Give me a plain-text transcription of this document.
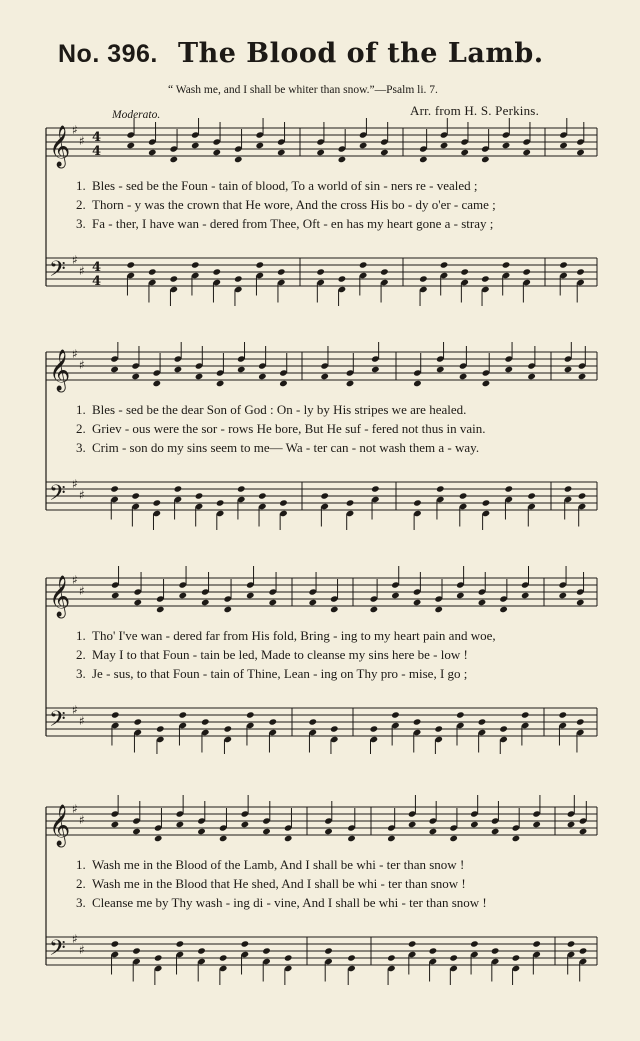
No. 396. The Blood of the Lamb.
“ Wash me, and I shall be whiter than snow.”—Psalm li. 7.
Arr. from H. S. Perkins.
Moderato.
𝄞 ♯
♯ 4
4
𝄢 ♯
♯ 4
4
1. Bles - sed be the Foun - tain of blood, To a world of sin - ners re - vealed ;
2. Thorn - y was the crown that He wore, And the cross His bo - dy o'er - came ;
3. Fa - ther, I have wan - dered from Thee, Oft - en has my heart gone a - stray ;
𝄞 ♯
♯
𝄢 ♯
♯
1. Bles - sed be the dear Son of God : On - ly by His stripes we are healed.
2. Griev - ous were the sor - rows He bore, But He suf - fered not thus in vain.
3. Crim - son do my sins seem to me— Wa - ter can - not wash them a - way.
𝄞 ♯
♯
𝄢 ♯
♯
1. Tho' I've wan - dered far from His fold, Bring - ing to my heart pain and woe,
2. May I to that Foun - tain be led, Made to cleanse my sins here be - low !
3. Je - sus, to that Foun - tain of Thine, Lean - ing on Thy pro - mise, I go ;
𝄞 ♯
♯
𝄢 ♯
♯
1. Wash me in the Blood of the Lamb, And I shall be whi - ter than snow !
2. Wash me in the Blood that He shed, And I shall be whi - ter than snow !
3. Cleanse me by Thy wash - ing di - vine, And I shall be whi - ter than snow !
